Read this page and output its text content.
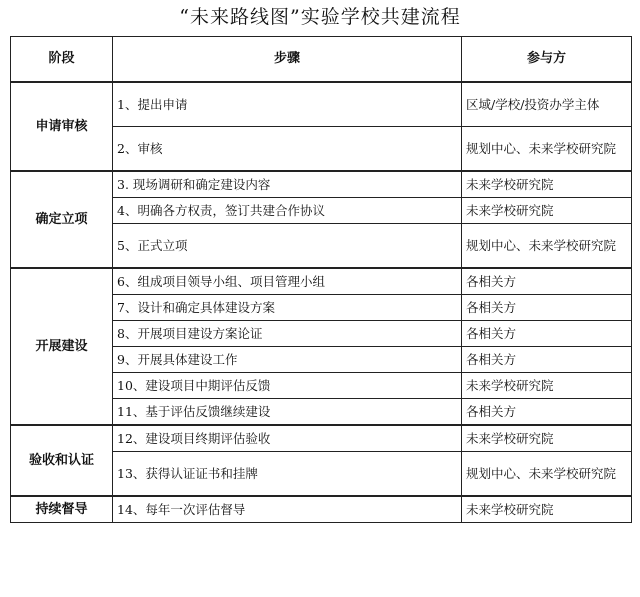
“未来路线图”实验学校共建流程
阶段	步骤	参与方
申请审核	1、提出申请	区域/学校/投资办学主体
	2、审核	规划中心、未来学校研究院
确定立项	3. 现场调研和确定建设内容	未来学校研究院
	4、明确各方权责，签订共建合作协议	未来学校研究院
	5、正式立项	规划中心、未来学校研究院
开展建设	6、组成项目领导小组、项目管理小组	各相关方
	7、设计和确定具体建设方案	各相关方
	8、开展项目建设方案论证	各相关方
	9、开展具体建设工作	各相关方
	10、建设项目中期评估反馈	未来学校研究院
	11、基于评估反馈继续建设	各相关方
验收和认证	12、建设项目终期评估验收	未来学校研究院
	13、获得认证证书和挂牌	规划中心、未来学校研究院
持续督导	14、每年一次评估督导	未来学校研究院
